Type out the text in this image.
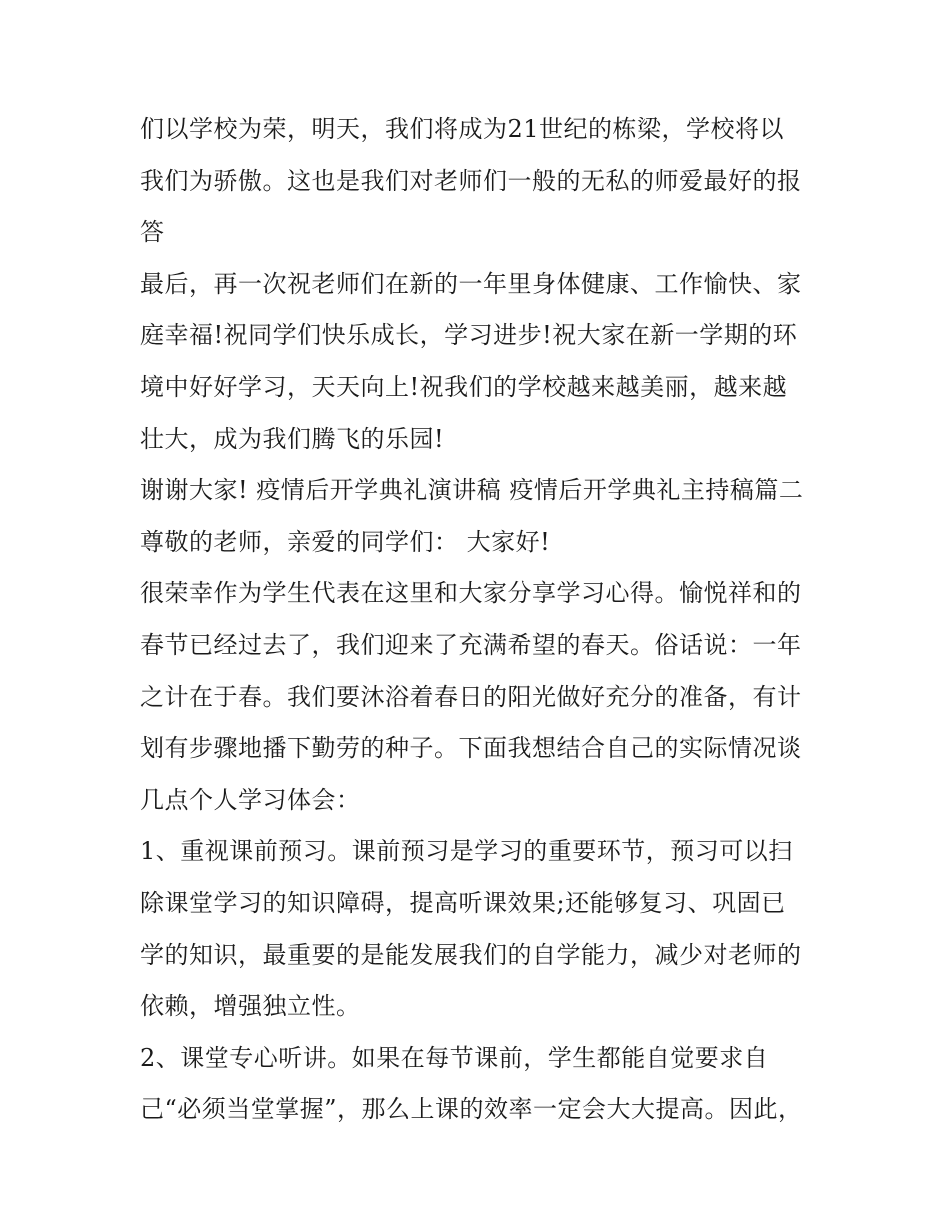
们以学校为荣，明天，我们将成为21世纪的栋梁，学校将以
我们为骄傲。这也是我们对老师们一般的无私的师爱最好的报
答
最后，再一次祝老师们在新的一年里身体健康、工作愉快、家
庭幸福!祝同学们快乐成长，学习进步!祝大家在新一学期的环
境中好好学习，天天向上!祝我们的学校越来越美丽，越来越
壮大，成为我们腾飞的乐园!
谢谢大家! 疫情后开学典礼演讲稿 疫情后开学典礼主持稿篇二
尊敬的老师，亲爱的同学们： 大家好!
很荣幸作为学生代表在这里和大家分享学习心得。愉悦祥和的
春节已经过去了，我们迎来了充满希望的春天。俗话说：一年
之计在于春。我们要沐浴着春日的阳光做好充分的准备，有计
划有步骤地播下勤劳的种子。下面我想结合自己的实际情况谈
几点个人学习体会：
1、重视课前预习。课前预习是学习的重要环节，预习可以扫
除课堂学习的知识障碍，提高听课效果;还能够复习、巩固已
学的知识，最重要的是能发展我们的自学能力，减少对老师的
依赖，增强独立性。
2、课堂专心听讲。如果在每节课前，学生都能自觉要求自
己“必须当堂掌握”，那么上课的效率一定会大大提高。因此，
